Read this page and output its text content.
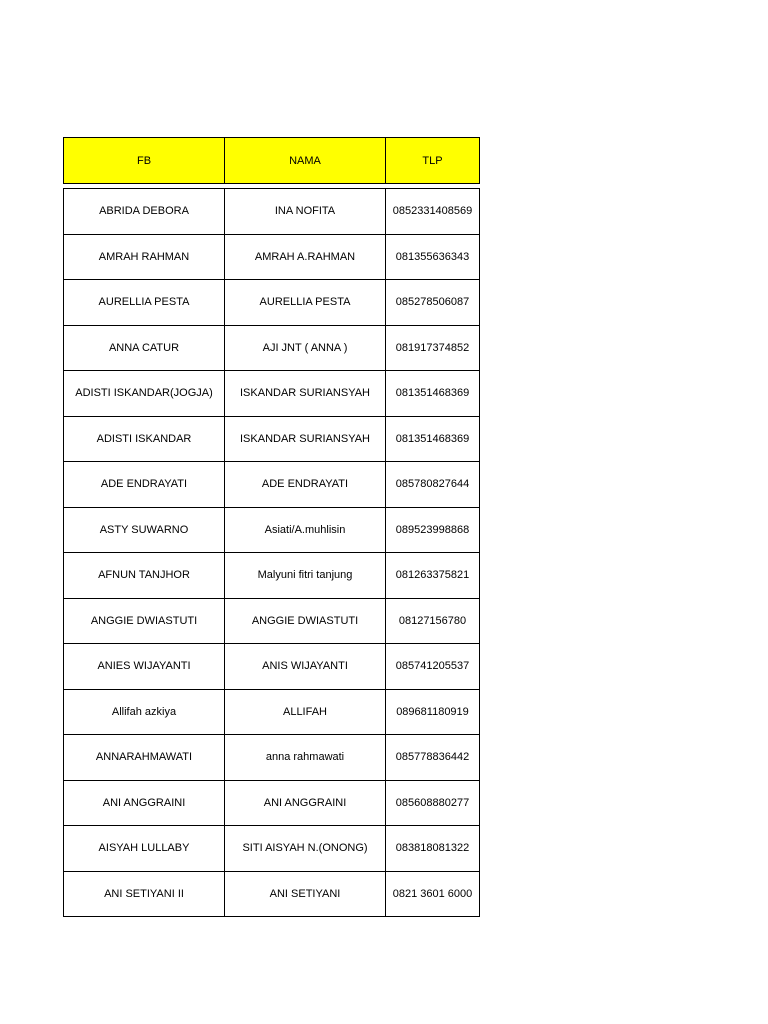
FB	NAMA	TLP

ABRIDA DEBORA	INA NOFITA	0852331408569
AMRAH RAHMAN	AMRAH A.RAHMAN	081355636343
AURELLIA PESTA	AURELLIA PESTA	085278506087
ANNA CATUR	AJI JNT ( ANNA )	081917374852
ADISTI ISKANDAR(JOGJA)	ISKANDAR SURIANSYAH	081351468369
ADISTI ISKANDAR	ISKANDAR SURIANSYAH	081351468369
ADE ENDRAYATI	ADE ENDRAYATI	085780827644
ASTY SUWARNO	Asiati/A.muhlisin	089523998868
AFNUN TANJHOR	Malyuni fitri tanjung	081263375821
ANGGIE DWIASTUTI	ANGGIE DWIASTUTI	08127156780
ANIES WIJAYANTI	ANIS WIJAYANTI	085741205537
Allifah azkiya	ALLIFAH	089681180919
ANNARAHMAWATI	anna rahmawati	085778836442
ANI ANGGRAINI	ANI ANGGRAINI	085608880277
AISYAH LULLABY	SITI AISYAH N.(ONONG)	083818081322
ANI SETIYANI II	ANI SETIYANI	0821 3601 6000
